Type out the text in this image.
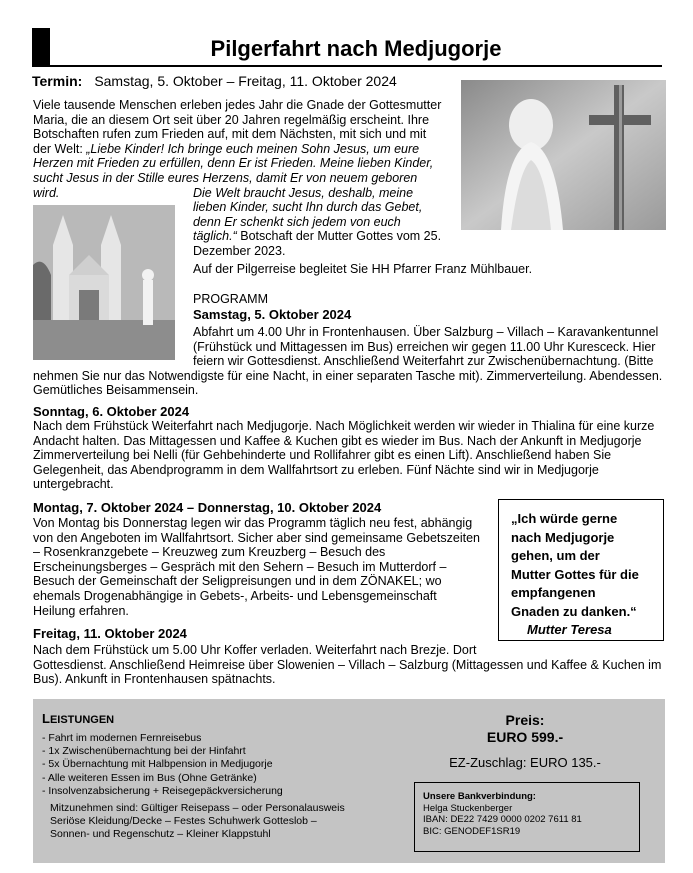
Pilgerfahrt nach Medjugorje
Termin: Samstag, 5. Oktober – Freitag, 11. Oktober 2024
Viele tausende Menschen erleben jedes Jahr die Gnade der Gottesmutter
Maria, die an diesem Ort seit über 20 Jahren regelmäßig erscheint. Ihre
Botschaften rufen zum Frieden auf, mit dem Nächsten, mit sich und mit
der Welt: „Liebe Kinder! Ich bringe euch meinen Sohn Jesus, um eure
Herzen mit Frieden zu erfüllen, denn Er ist Frieden. Meine lieben Kinder,
sucht Jesus in der Stille eures Herzens, damit Er von neuem geboren wird.	Die Welt braucht Jesus, deshalb, meine
lieben Kinder, sucht Ihn durch das Gebet,
denn Er schenkt sich jedem von euch
täglich.“ Botschaft der Mutter Gottes vom 25.
Dezember 2023.
Auf der Pilgerreise begleitet Sie HH Pfarrer Franz Mühlbauer.
PROGRAMM
Samstag, 5. Oktober 2024
Abfahrt um 4.00 Uhr in Frontenhausen. Über Salzburg – Villach – Karavankentunnel
(Frühstück und Mittagessen im Bus) erreichen wir gegen 11.00 Uhr Kuresceck. Hier
feiern wir Gottesdienst. Anschließend Weiterfahrt zur Zwischenübernachtung. (Bitte
nehmen Sie nur das Notwendigste für eine Nacht, in einer separaten Tasche mit). Zimmerverteilung. Abendessen.
Gemütliches Beisammensein.
Sonntag, 6. Oktober 2024
Nach dem Frühstück Weiterfahrt nach Medjugorje. Nach Möglichkeit werden wir wieder in Thialina für eine kurze
Andacht halten. Das Mittagessen und Kaffee & Kuchen gibt es wieder im Bus. Nach der Ankunft in Medjugorje
Zimmerverteilung bei Nelli (für Gehbehinderte und Rollifahrer gibt es einen Lift). Anschließend haben Sie
Gelegenheit, das Abendprogramm in dem Wallfahrtsort zu erleben. Fünf Nächte sind wir in Medjugorje
untergebracht.
Montag, 7. Oktober 2024 – Donnerstag, 10. Oktober 2024
Von Montag bis Donnerstag legen wir das Programm täglich neu fest, abhängig
von den Angeboten im Wallfahrtsort. Sicher aber sind gemeinsame Gebetszeiten
– Rosenkranzgebete – Kreuzweg zum Kreuzberg – Besuch des
Erscheinungsberges – Gespräch mit den Sehern – Besuch im Mutterdorf –
Besuch der Gemeinschaft der Seligpreisungen und in dem ZÖNAKEL; wo
ehemals Drogenabhängige in Gebets-, Arbeits- und Lebensgemeinschaft
Heilung erfahren.
„Ich würde gerne
nach Medjugorje
gehen, um der
Mutter Gottes für die
empfangenen
Gnaden zu danken.“
Mutter Teresa
Freitag, 11. Oktober 2024
Nach dem Frühstück um 5.00 Uhr Koffer verladen. Weiterfahrt nach Brezje. Dort
Gottesdienst. Anschließend Heimreise über Slowenien – Villach – Salzburg (Mittagessen und Kaffee & Kuchen im
Bus). Ankunft in Frontenhausen spätnachts.
LEISTUNGEN
- Fahrt im modernen Fernreisebus
- 1x Zwischenübernachtung bei der Hinfahrt
- 5x Übernachtung mit Halbpension in Medjugorje
- Alle weiteren Essen im Bus (Ohne Getränke)
- Insolvenzabsicherung + Reisegepäckversicherung
Mitzunehmen sind: Gültiger Reisepass – oder Personalausweis
Seriöse Kleidung/Decke – Festes Schuhwerk Gotteslob –
Sonnen- und Regenschutz – Kleiner Klappstuhl
Preis:
EURO 599.-
EZ-Zuschlag: EURO 135.-
Unsere Bankverbindung:
Helga Stuckenberger
IBAN: DE22 7429 0000 0202 7611 81
BIC: GENODEF1SR19
